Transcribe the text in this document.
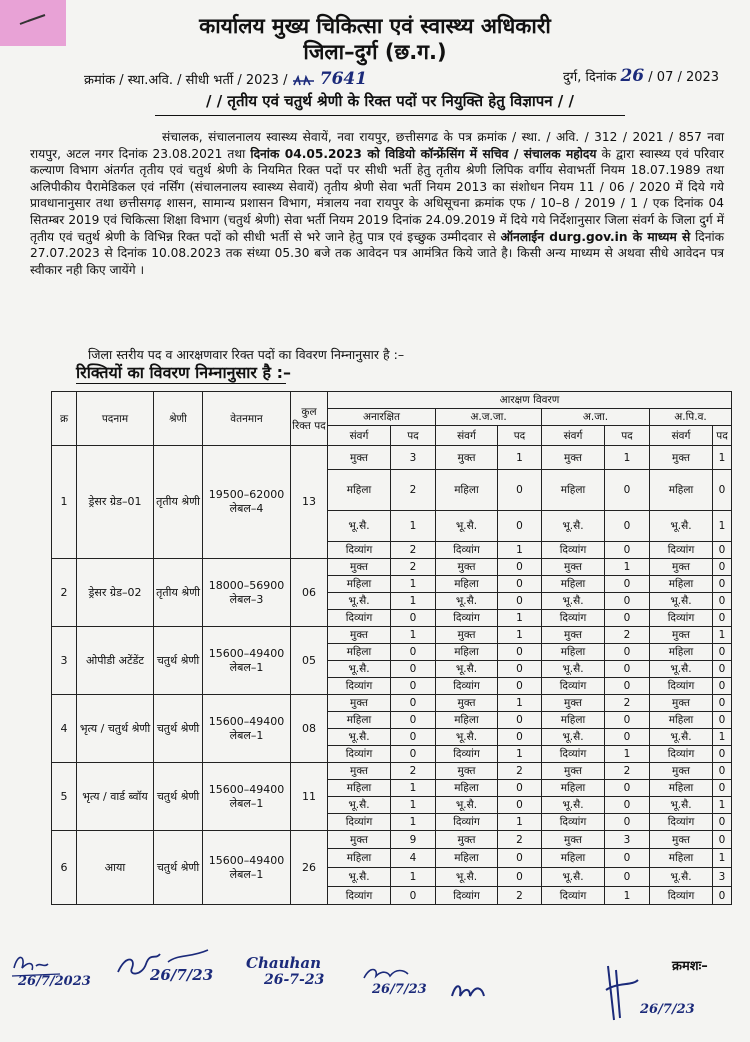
कार्यालय मुख्य चिकित्सा एवं स्वास्थ्य अधिकारी
जिला–दुर्ग (छ.ग.)
क्रमांक / स्था.अवि. / सीधी भर्ती / 2023 / 7641	दुर्ग, दिनांक 26 / 07 / 2023
/ / तृतीय एवं चतुर्थ श्रेणी के रिक्त पदों पर नियुक्ति हेतु विज्ञापन / /
संचालक, संचालनालय स्वास्थ्य सेवायें, नवा रायपुर, छत्तीसगढ के पत्र क्रमांक / स्था. / अवि. / 312 / 2021 / 857 नवा रायपुर, अटल नगर दिनांक 23.08.2021 तथा दिनांक 04.05.2023 को विडियो कॉन्फ्रेंसिंग में सचिव / संचालक महोदय के द्वारा स्वास्थ्य एवं परिवार कल्याण विभाग अंतर्गत तृतीय एवं चतुर्थ श्रेणी के नियमित रिक्त पदों पर सीधी भर्ती हेतु तृतीय श्रेणी लिपिक वर्गीय सेवाभर्ती नियम 18.07.1989 तथा अलिपीकीय पैरामेडिकल एवं नर्सिंग (संचालनालय स्वास्थ्य सेवायें) तृतीय श्रेणी सेवा भर्ती नियम 2013 का संशोधन नियम 11 / 06 / 2020 में दिये गये प्रावधानानुसार तथा छत्तीसगढ़ शासन, सामान्य प्रशासन विभाग, मंत्रालय नवा रायपुर के अधिसूचना क्रमांक एफ / 10–8 / 2019 / 1 / एक दिनांक 04 सितम्बर 2019 एवं चिकित्सा शिक्षा विभाग (चतुर्थ श्रेणी) सेवा भर्ती नियम 2019 दिनांक 24.09.2019 में दिये गये निर्देशानुसार जिला संवर्ग के जिला दुर्ग में तृतीय एवं चतुर्थ श्रेणी के विभिन्न रिक्त पदों को सीधी भर्ती से भरे जाने हेतु पात्र एवं इच्छुक उम्मीदवार से ऑनलाईन durg.gov.in के माध्यम से दिनांक 27.07.2023 से दिनांक 10.08.2023 तक संध्या 05.30 बजे तक आवेदन पत्र आमंत्रित किये जाते है। किसी अन्य माध्यम से अथवा सीधे आवेदन पत्र स्वीकार नही किए जायेंगे ।
जिला स्तरीय पद व आरक्षणवार रिक्त पदों का विवरण निम्नानुसार है :–
रिक्तियों का विवरण निम्नानुसार है :–
क्र	पदनाम	श्रेणी	वेतनमान	कुल रिक्त पद	आरक्षण विवरण							
					अनारक्षित		अ.ज.जा.		अ.जा.		अ.पि.व.	
					संवर्ग	पद	संवर्ग	पद	संवर्ग	पद	संवर्ग	पद
1	ड्रेसर ग्रेड–01	तृतीय श्रेणी	19500–62000 लेबल–4	13	मुक्त	3	मुक्त	1	मुक्त	1	मुक्त	1
					महिला	2	महिला	0	महिला	0	महिला	0
					भू.सै.	1	भू.सै.	0	भू.सै.	0	भू.सै.	1
					दिव्यांग	2	दिव्यांग	1	दिव्यांग	0	दिव्यांग	0
2	ड्रेसर ग्रेड–02	तृतीय श्रेणी	18000–56900 लेबल–3	06	मुक्त	2	मुक्त	0	मुक्त	1	मुक्त	0
					महिला	1	महिला	0	महिला	0	महिला	0
					भू.सै.	1	भू.सै.	0	भू.सै.	0	भू.सै.	0
					दिव्यांग	0	दिव्यांग	1	दिव्यांग	0	दिव्यांग	0
3	ओपीडी अटेंडेंट	चतुर्थ श्रेणी	15600–49400 लेबल–1	05	मुक्त	1	मुक्त	1	मुक्त	2	मुक्त	1
					महिला	0	महिला	0	महिला	0	महिला	0
					भू.सै.	0	भू.सै.	0	भू.सै.	0	भू.सै.	0
					दिव्यांग	0	दिव्यांग	0	दिव्यांग	0	दिव्यांग	0
4	भृत्य / चतुर्थ श्रेणी	चतुर्थ श्रेणी	15600–49400 लेबल–1	08	मुक्त	0	मुक्त	1	मुक्त	2	मुक्त	0
					महिला	0	महिला	0	महिला	0	महिला	0
					भू.सै.	0	भू.सै.	0	भू.सै.	0	भू.सै.	1
					दिव्यांग	0	दिव्यांग	1	दिव्यांग	1	दिव्यांग	0
5	भृत्य / वार्ड ब्वॉय	चतुर्थ श्रेणी	15600–49400 लेबल–1	11	मुक्त	2	मुक्त	2	मुक्त	2	मुक्त	0
					महिला	1	महिला	0	महिला	0	महिला	0
					भू.सै.	1	भू.सै.	0	भू.सै.	0	भू.सै.	1
					दिव्यांग	1	दिव्यांग	1	दिव्यांग	0	दिव्यांग	0
6	आया	चतुर्थ श्रेणी	15600–49400 लेबल–1	26	मुक्त	9	मुक्त	2	मुक्त	3	मुक्त	0
					महिला	4	महिला	0	महिला	0	महिला	1
					भू.सै.	1	भू.सै.	0	भू.सै.	0	भू.सै.	3
					दिव्यांग	0	दिव्यांग	2	दिव्यांग	1	दिव्यांग	0
26/7/2023	26/7/23
Chauhan
26-7-23
26/7/23
26/7/23
क्रमशः–
